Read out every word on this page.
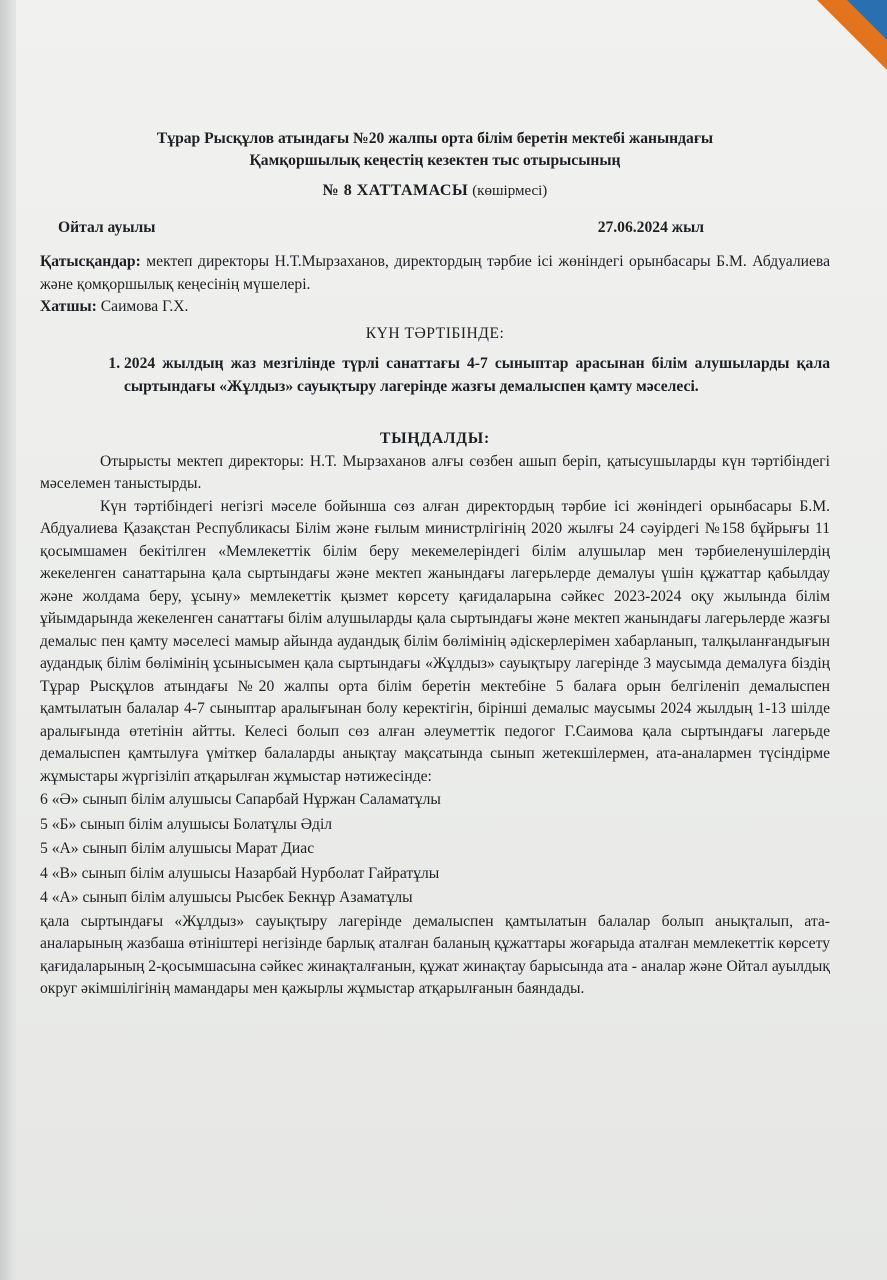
Тұрар Рысқұлов атындағы №20 жалпы орта білім беретін мектебі жанындағы
Қамқоршылық кеңестің кезектен тыс отырысының
№ 8 ХАТТАМАСЫ (көшірмесі)
Ойтал ауылы	27.06.2024 жыл
Қатысқандар: мектеп директоры Н.Т.Мырзаханов, директордың тәрбие ісі жөніндегі орынбасары Б.М. Абдуалиева және қомқоршылық кеңесінің мүшелері.
Хатшы: Саимова Г.Х.
КҮН ТӘРТІБІНДЕ:
1. 2024 жылдың жаз мезгілінде түрлі санаттағы 4-7 сыныптар арасынан білім алушыларды қала сыртындағы «Жұлдыз» сауықтыру лагерінде жазғы демалыспен қамту мәселесі.
ТЫҢДАЛДЫ:
Отырысты мектеп директоры: Н.Т. Мырзаханов алғы сөзбен ашып беріп, қатысушыларды күн тәртібіндегі мәселемен таныстырды.
Күн тәртібіндегі негізгі мәселе бойынша сөз алған директордың тәрбие ісі жөніндегі орынбасары Б.М. Абдуалиева Қазақстан Республикасы Білім және ғылым министрлігінің 2020 жылғы 24 сәуірдегі №158 бұйрығы 11 қосымшамен бекітілген «Мемлекеттік білім беру мекемелеріндегі білім алушылар мен тәрбиеленушілердің жекеленген санаттарына қала сыртындағы және мектеп жанындағы лагерьлерде демалуы үшін құжаттар қабылдау және жолдама беру, ұсыну» мемлекеттік қызмет көрсету қағидаларына сәйкес 2023-2024 оқу жылында білім ұйымдарында жекеленген санаттағы білім алушыларды қала сыртындағы және мектеп жанындағы лагерьлерде жазғы демалыс пен қамту мәселесі мамыр айында аудандық білім бөлімінің әдіскерлерімен хабарланып, талқыланғандығын аудандық білім бөлімінің ұсынысымен қала сыртындағы «Жұлдыз» сауықтыру лагерінде 3 маусымда демалуға біздің Тұрар Рысқұлов атындағы №20 жалпы орта білім беретін мектебіне 5 балаға орын белгіленіп демалыспен қамтылатын балалар 4-7 сыныптар аралығынан болу керектігін, бірінші демалыс маусымы 2024 жылдың 1-13 шілде аралығында өтетінін айтты. Келесі болып сөз алған әлеуметтік педогог Г.Саимова қала сыртындағы лагерьде демалыспен қамтылуға үміткер балаларды анықтау мақсатында сынып жетекшілермен, ата-аналармен түсіндірме жұмыстары жүргізіліп атқарылған жұмыстар нәтижесінде:
6 «Ә» сынып білім алушысы Сапарбай Нұржан Саламатұлы
5 «Б» сынып білім алушысы Болатұлы Әділ
5 «А» сынып білім алушысы Марат Диас
4 «В» сынып білім алушысы Назарбай Нурболат Гайратұлы
4 «А» сынып білім алушысы Рысбек Бекнұр Азаматұлы
қала сыртындағы «Жұлдыз» сауықтыру лагерінде демалыспен қамтылатын балалар болып анықталып, ата-аналарының жазбаша өтініштері негізінде барлық аталған баланың құжаттары жоғарыда аталған мемлекеттік көрсету қағидаларының 2-қосымшасына сәйкес жинақталғанын, құжат жинақтау барысында ата - аналар және Ойтал ауылдық округ әкімшілігінің мамандары мен қажырлы жұмыстар атқарылғанын баяндады.
